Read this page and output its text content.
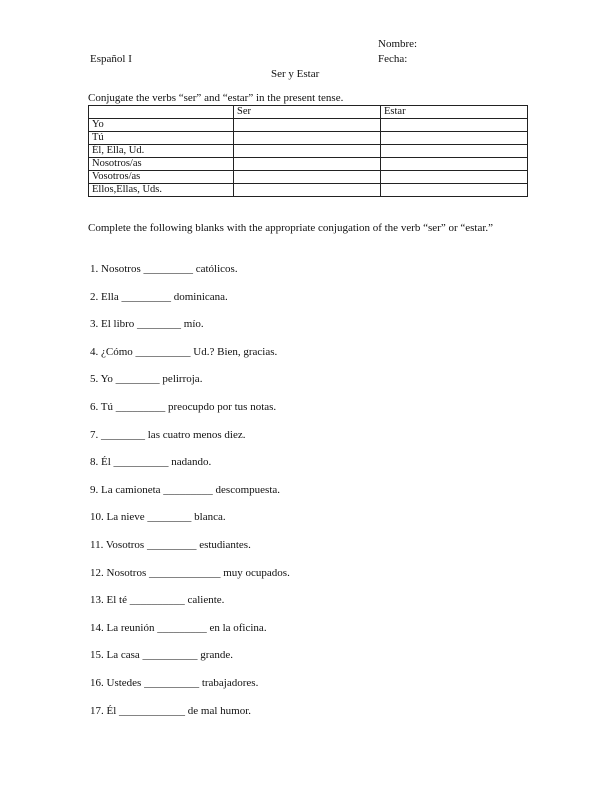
Nombre:
Español I	Fecha:
Ser y Estar
Conjugate the verbs “ser” and “estar” in the present tense.
	Ser	Estar
Yo		
Tú		
Él, Ella, Ud.		
Nosotros/as		
Vosotros/as		
Ellos,Ellas, Uds.		
Complete the following blanks with the appropriate conjugation of the verb “ser” or “estar.”
1. Nosotros _________ católicos.
2. Ella _________ dominicana.
3. El libro ________ mío.
4. ¿Cómo __________ Ud.? Bien, gracias.
5. Yo ________ pelirroja.
6. Tú _________ preocupdo por tus notas.
7. ________ las cuatro menos diez.
8. Él __________ nadando.
9. La camioneta _________ descompuesta.
10. La nieve ________ blanca.
11. Vosotros _________ estudiantes.
12. Nosotros _____________ muy ocupados.
13. El té __________ caliente.
14. La reunión _________ en la oficina.
15. La casa __________ grande.
16. Ustedes __________ trabajadores.
17. Él ____________ de mal humor.
